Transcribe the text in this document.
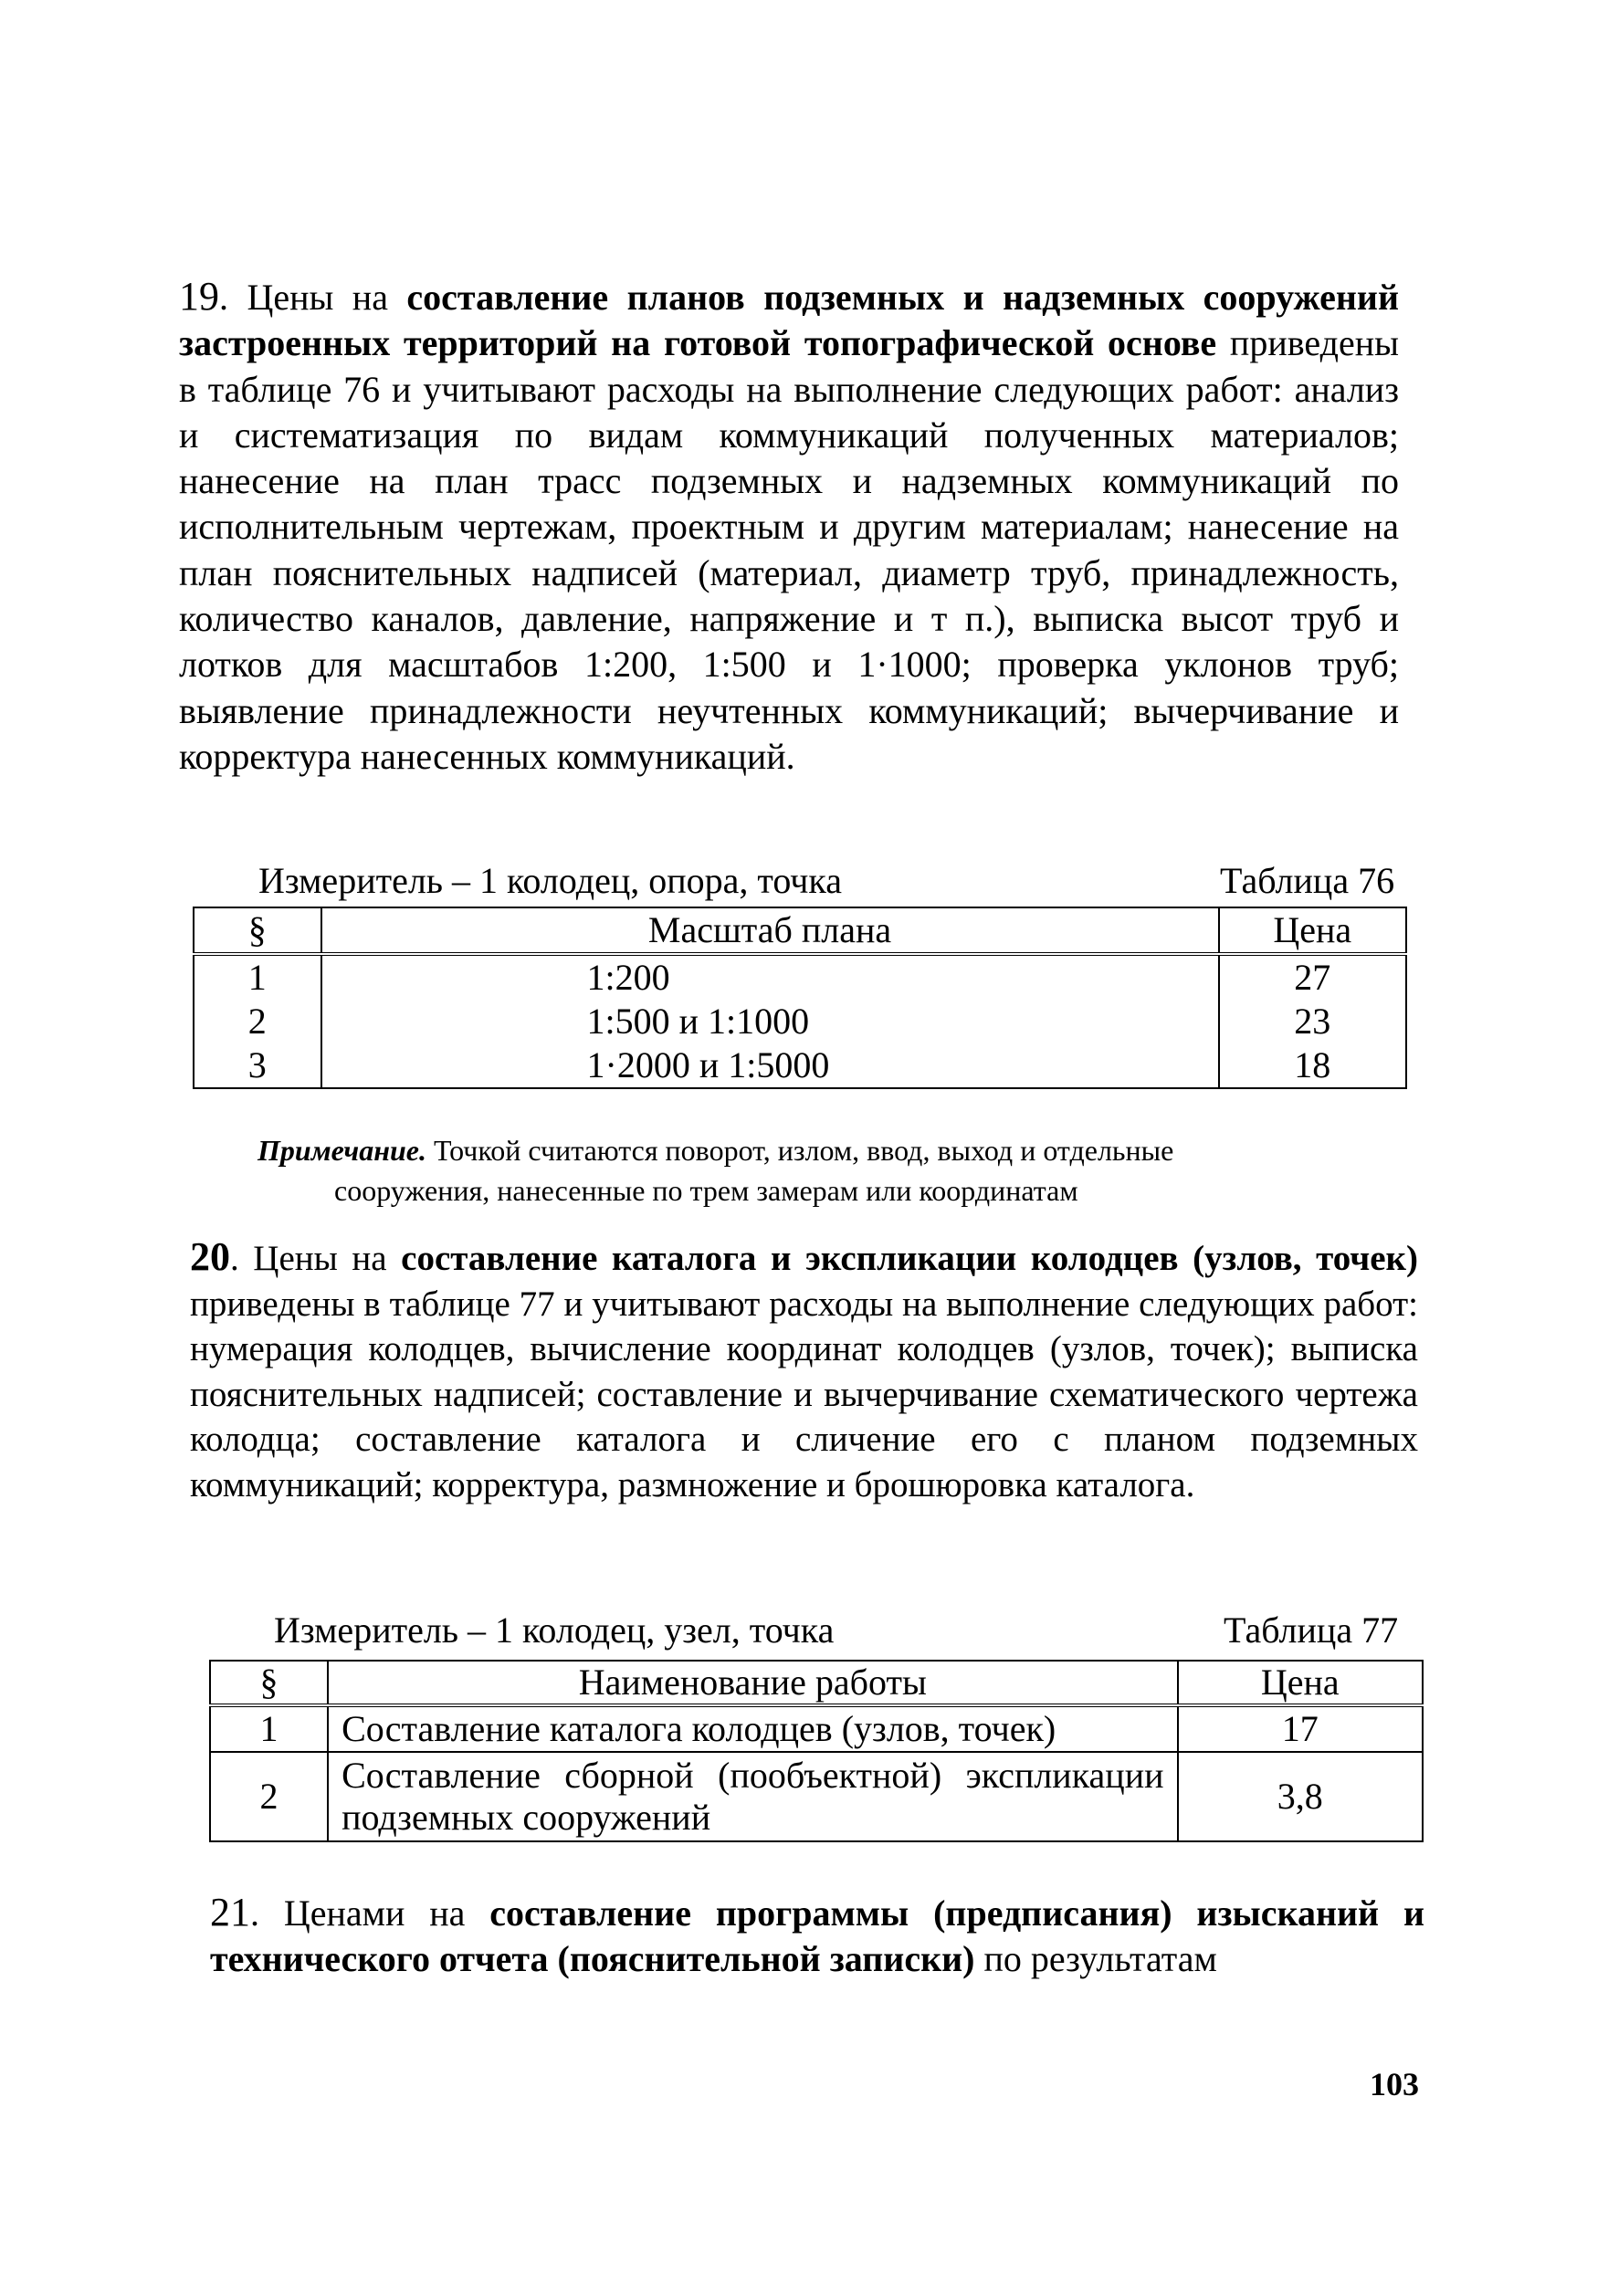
19. Цены на составление планов подземных и надземных сооружений застроенных территорий на готовой топографической основе приведены в таблице 76 и учитывают расходы на выполнение следующих работ: анализ и систематизация по видам коммуникаций полученных материалов; нанесение на план трасс подземных и надземных коммуникаций по исполнительным чертежам, проектным и другим материалам; нанесение на план пояснительных надписей (материал, диаметр труб, принадлежность, количество каналов, давление, напряжение и т п.), выписка высот труб и лотков для масштабов 1:200, 1:500 и 1·1000; проверка уклонов труб; выявление принадлежности неучтенных коммуникаций; вычерчивание и корректура нанесенных коммуникаций.

Измеритель – 1 колодец, опора, точка	Таблица 76
§	Масштаб плана	Цена
1	1:200	27
2	1:500 и 1:1000	23
3	1·2000 и 1:5000	18

Примечание. Точкой считаются поворот, излом, ввод, выход и отдельные
сооружения, нанесенные по трем замерам или координатам

20. Цены на составление каталога и экспликации колодцев (узлов, точек) приведены в таблице 77 и учитывают расходы на выполнение следующих работ: нумерация колодцев, вычисление координат колодцев (узлов, точек); выписка пояснительных надписей; составление и вычерчивание схематического чертежа колодца; составление каталога и сличение его с планом подземных коммуникаций; корректура, размножение и брошюровка каталога.

Измеритель – 1 колодец, узел, точка	Таблица 77
§	Наименование работы	Цена
1	Составление каталога колодцев (узлов, точек)	17
2	Составление сборной (пообъектной) экспликации подземных сооружений	3,8

21. Ценами на составление программы (предписания) изысканий и технического отчета (пояснительной записки) по результатам

103
